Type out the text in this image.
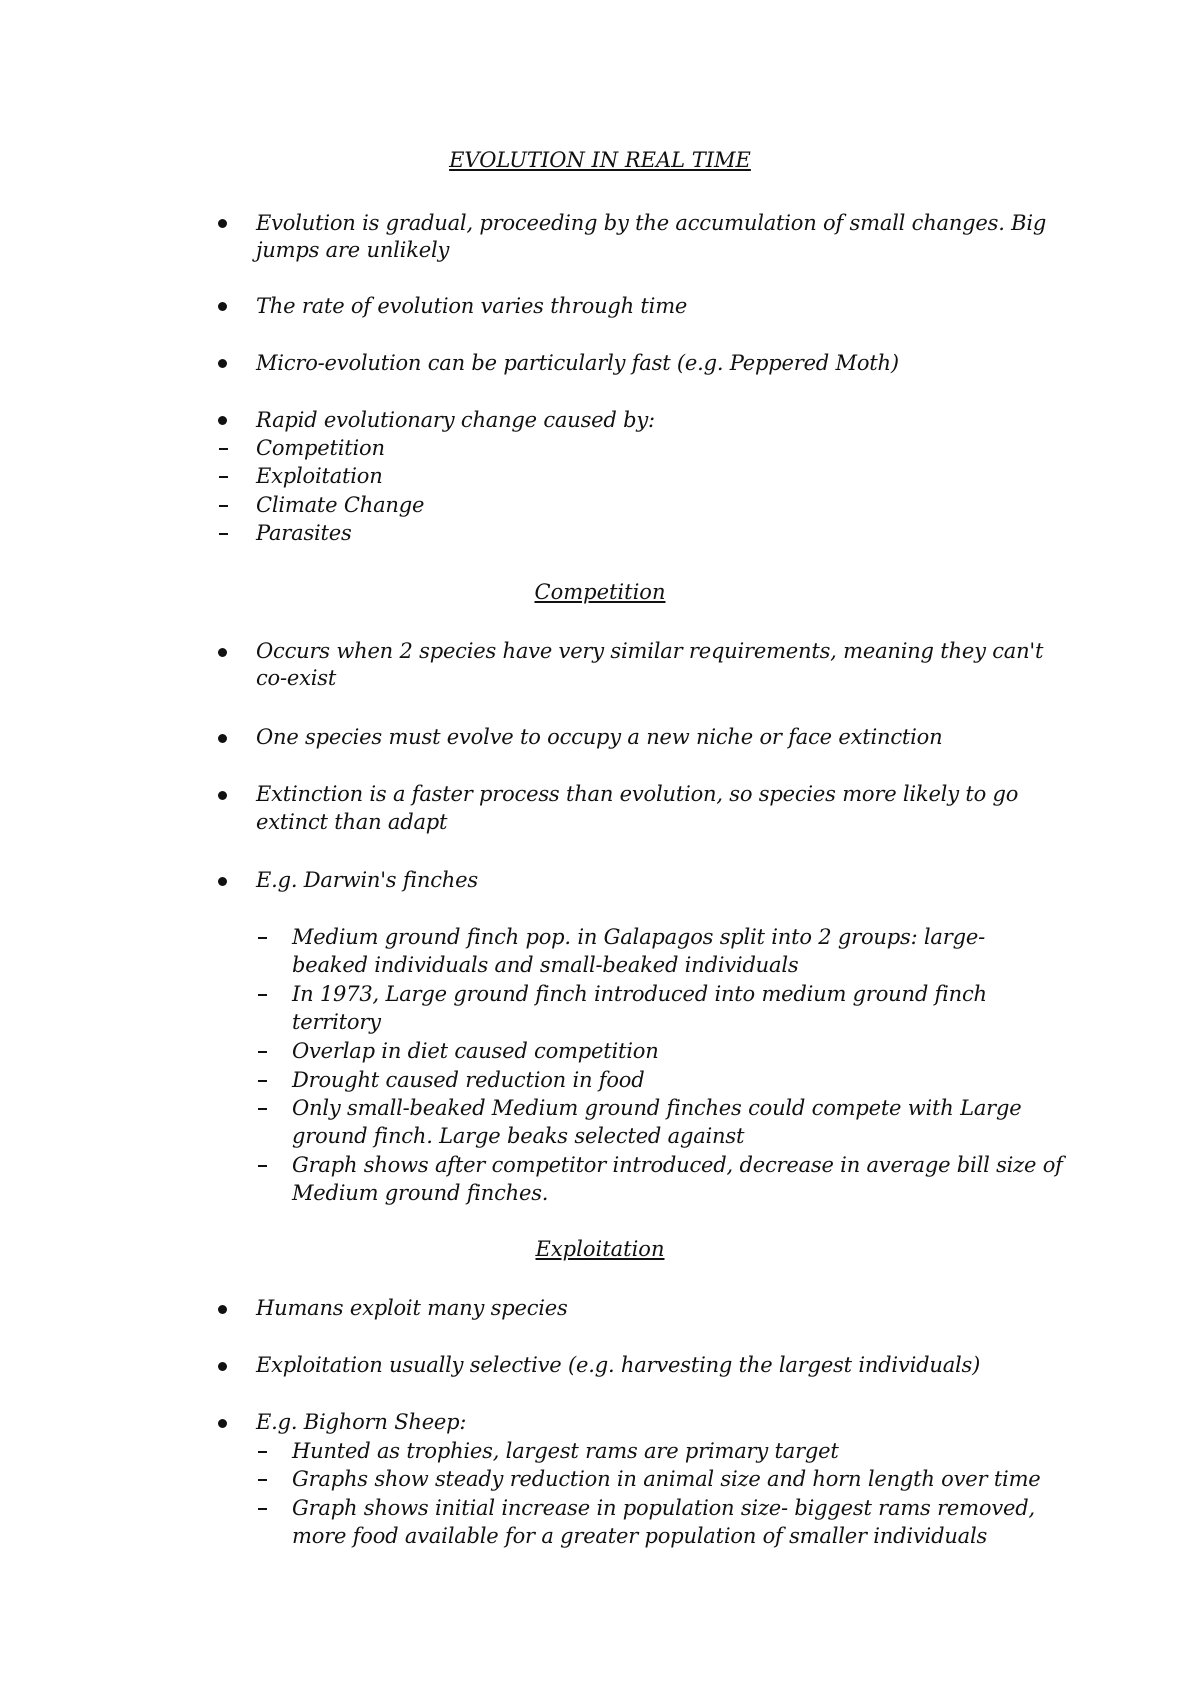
EVOLUTION IN REAL TIME
Evolution is gradual, proceeding by the accumulation of small changes. Big
jumps are unlikely
The rate of evolution varies through time
Micro-evolution can be particularly fast (e.g. Peppered Moth)
Rapid evolutionary change caused by:
Competition
Exploitation
Climate Change
Parasites
Competition
Occurs when 2 species have very similar requirements, meaning they can't
co-exist
One species must evolve to occupy a new niche or face extinction
Extinction is a faster process than evolution, so species more likely to go
extinct than adapt
E.g. Darwin's finches
Medium ground finch pop. in Galapagos split into 2 groups: large-
beaked individuals and small-beaked individuals
In 1973, Large ground finch introduced into medium ground finch
territory
Overlap in diet caused competition
Drought caused reduction in food
Only small-beaked Medium ground finches could compete with Large
ground finch. Large beaks selected against
Graph shows after competitor introduced, decrease in average bill size of
Medium ground finches.
Exploitation
Humans exploit many species
Exploitation usually selective (e.g. harvesting the largest individuals)
E.g. Bighorn Sheep:
Hunted as trophies, largest rams are primary target
Graphs show steady reduction in animal size and horn length over time
Graph shows initial increase in population size- biggest rams removed,
more food available for a greater population of smaller individuals
